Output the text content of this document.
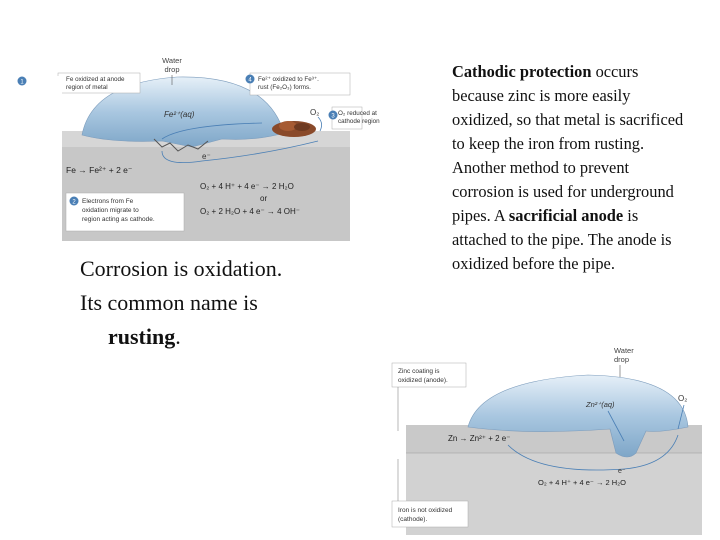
Water drop
Fe oxidized at anode region of metal
Fe²⁺ oxidized to Fe³⁺. rust (Fe₂O₃) forms.
O₂ reduced at cathode region
Fe²⁺(aq)	O₂
e⁻
Fe → Fe²⁺ + 2 e⁻
O₂ + 4 H⁺ + 4 e⁻ → 2 H₂O
or
O₂ + 2 H₂O + 4 e⁻ → 4 OH⁻
2 Electrons from Fe oxidation migrate to region acting as cathode.
1	4
3

Corrosion is oxidation.

Its common name is

rusting.

Cathodic protection occurs because zinc is more easily oxidized, so that metal is sacrificed to keep the iron from rusting. Another method to prevent corrosion is used for underground pipes. A sacrificial anode is attached to the pipe. The anode is oxidized before the pipe.
Water drop
Zinc coating is oxidized (anode).
Zn²⁺(aq)
O₂
Zn → Zn²⁺ + 2 e⁻
e⁻
O₂ + 4 H⁺ + 4 e⁻ → 2 H₂O
Iron is not oxidized (cathode).
